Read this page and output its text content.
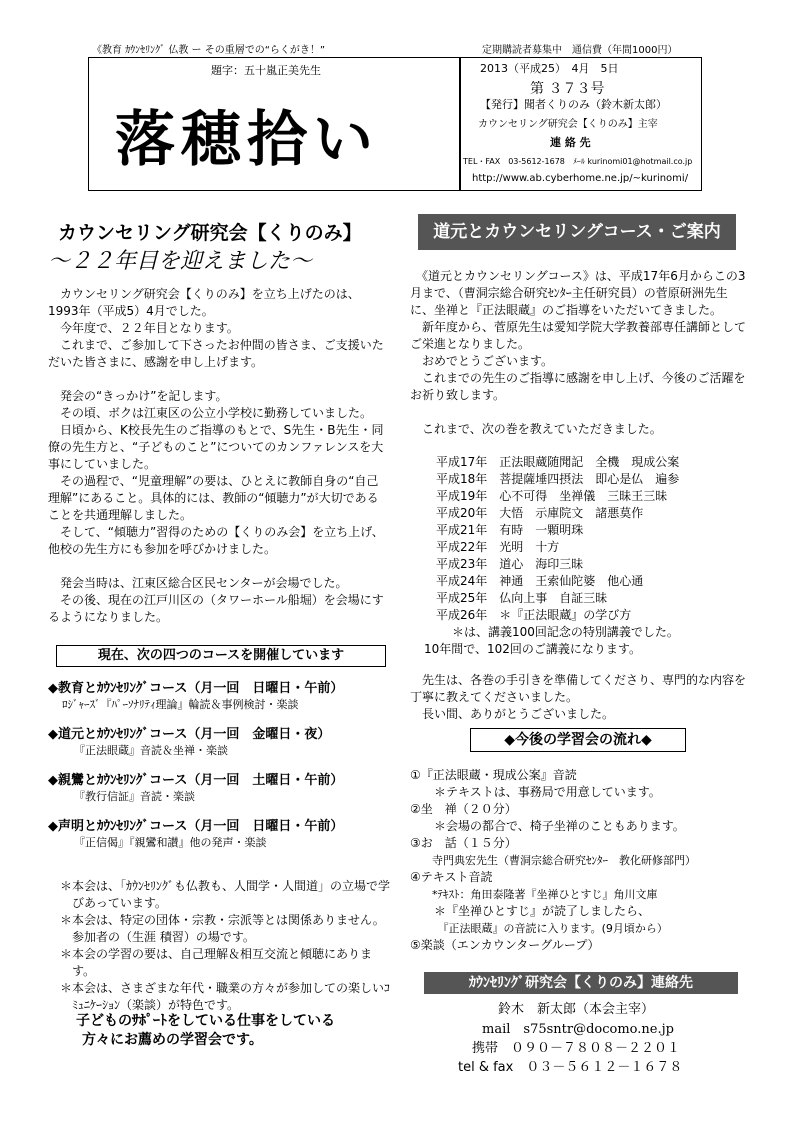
《教育 ｶｳﾝｾﾘﾝｸﾞ 仏教 ー その重層での“らくがき！”	定期購読者募集中　通信費（年間1000円）
題字：五十嵐正美先生
落穂拾い
2013（平成25）　4月　5日
第 ３７３号
【発行】聞者くりのみ（鈴木新太郎）
カウンセリング研究会【くりのみ】主宰
連 絡 先
TEL・FAX　03-5612-1678　ﾒｰﾙ kurinomi01@hotmail.co.jp
http://www.ab.cyberhome.ne.jp/~kurinomi/
カウンセリング研究会【くりのみ】
～２２年目を迎えました～

　カウンセリング研究会【くりのみ】を立ち上げたのは、1993年（平成5）4月でした。

　今年度で、２２年目となります。

　これまで、ご参加して下さったお仲間の皆さま、ご支援いただいた皆さまに、感謝を申し上げます。

　発会の“きっかけ”を記します。

　その頃、ボクは江東区の公立小学校に勤務していました。

　日頃から、K校長先生のご指導のもとで、S先生・B先生・同僚の先生方と、“子どものこと”についてのカンファレンスを大事にしていました。

　その過程で、“児童理解”の要は、ひとえに教師自身の“自己理解”にあること。具体的には、教師の“傾聴力”が大切であることを共通理解しました。

　そして、“傾聴力”習得のための【くりのみ会】を立ち上げ、他校の先生方にも参加を呼びかけました。

　発会当時は、江東区総合区民センターが会場でした。

　その後、現在の江戸川区の（タワーホール船堀）を会場にするようになりました。

現在、次の四つのコースを開催しています
◆教育とｶｳﾝｾﾘﾝｸﾞコース（月一回　日曜日・午前）
ﾛｼﾞｬｰｽﾞ『ﾊﾟｰｿﾅﾘﾃｨ理論』輪読＆事例検討・楽談
◆道元とｶｳﾝｾﾘﾝｸﾞコース（月一回　金曜日・夜）
『正法眼蔵』音読＆坐禅・楽談
◆親鸞とｶｳﾝｾﾘﾝｸﾞコース（月一回　土曜日・午前）
『教行信証』音読・楽談
◆声明とｶｳﾝｾﾘﾝｸﾞコース（月一回　日曜日・午前）
『正信偈』『親鸞和讃』他の発声・楽談

＊本会は、「ｶｳﾝｾﾘﾝｸﾞも仏教も、人間学・人間道」の立場で学びあっています。

＊本会は、特定の団体・宗教・宗派等とは関係ありません。参加者の（生涯 積習）の場です。

＊本会の学習の要は、自己理解＆相互交流と傾聴にあります。

＊本会は、さまざまな年代・職業の方々が参加しての楽しいｺﾐｭﾆｹｰｼｮﾝ（楽談）が特色です。

子どものｻﾎﾟｰﾄをしている仕事をしている
方々にお薦めの学習会です。
道元とカウンセリングコース・ご案内

　《道元とカウンセリングコース》は、平成17年6月からこの3月まで、（曹洞宗総合研究ｾﾝﾀｰ主任研究員）の菅原研洲先生に、坐禅と『正法眼蔵』のご指導をいただいてきました。

　新年度から、菅原先生は愛知学院大学教養部専任講師としてご栄進となりました。

　おめでとうございます。

　これまでの先生のご指導に感謝を申し上げ、今後のご活躍をお祈り致します。

　これまで、次の巻を教えていただきました。

平成17年　正法眼蔵随聞記　全機　現成公案
平成18年　菩提薩埵四摂法　即心是仏　遍参
平成19年　心不可得　坐禅儀　三昧王三昧
平成20年　大悟　示庫院文　諸悪莫作
平成21年　有時　一顆明珠
平成22年　光明　十方
平成23年　道心　海印三昧
平成24年　神通　王索仙陀婆　他心通
平成25年　仏向上事　自証三昧
平成26年　＊『正法眼蔵』の学び方
＊は、講義100回記念の特別講義でした。
10年間で、102回のご講義になります。

　先生は、各巻の手引きを準備してくださり、専門的な内容を丁寧に教えてくださいました。

　長い間、ありがとうございました。

◆今後の学習会の流れ◆
①『正法眼蔵・現成公案』音読
　　＊テキストは、事務局で用意しています。
②坐　禅（２０分）
　　＊会場の都合で、椅子坐禅のこともあります。
③お　話（１５分）
　　寺門典宏先生（曹洞宗総合研究ｾﾝﾀｰ　教化研修部門）
④テキスト音読
　　*ﾃｷｽﾄ：角田泰隆著『坐禅ひとすじ』角川文庫
　　＊『坐禅ひとすじ』が読了しましたら、
　　　『正法眼蔵』の音読に入ります。(9月頃から）
⑤楽談（エンカウンターグループ）
ｶｳﾝｾﾘﾝｸﾞ研究会【くりのみ】連絡先
鈴木　新太郎（本会主宰）
mail　s75sntr@docomo.ne.jp
携帯　０９０－７８０８－２２０１
tel & fax　０３－５６１２－１６７８
